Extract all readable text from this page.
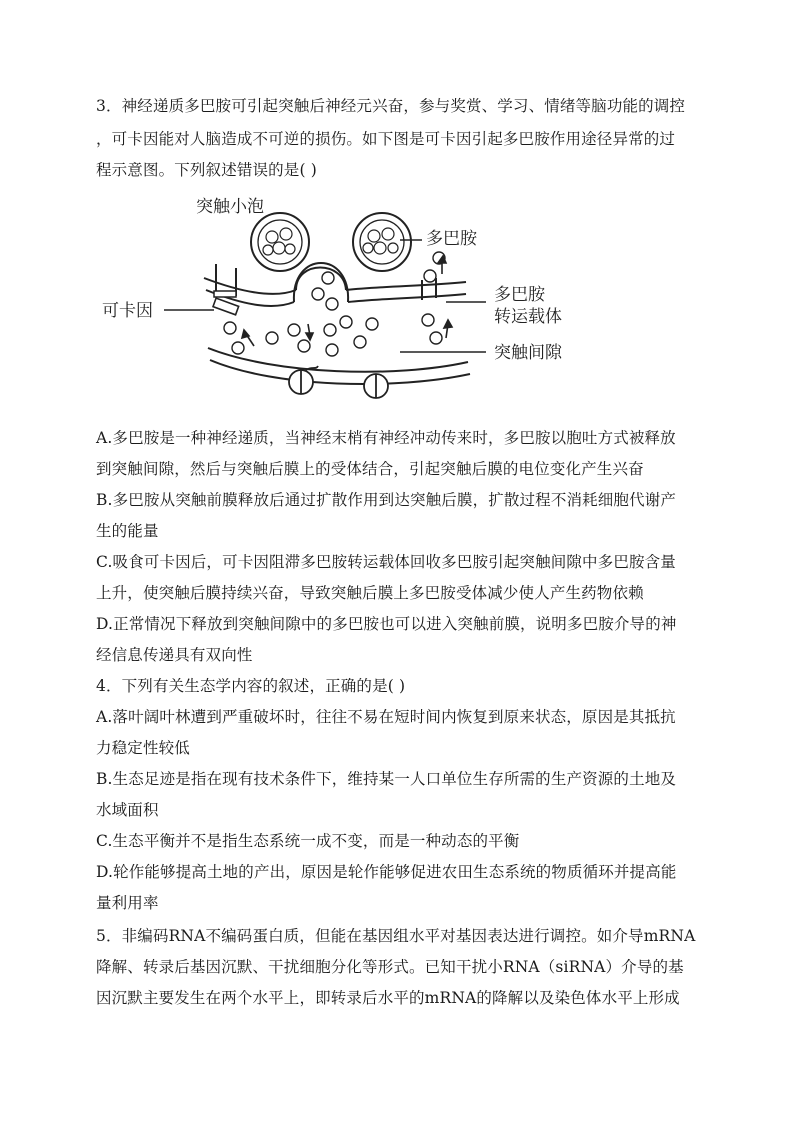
3．神经递质多巴胺可引起突触后神经元兴奋，参与奖赏、学习、情绪等脑功能的调控
，可卡因能对人脑造成不可逆的损伤。如下图是可卡因引起多巴胺作用途径异常的过
程示意图。下列叙述错误的是( )
突触小泡
多巴胺
可卡因
多巴胺
转运载体
突触间隙
A.多巴胺是一种神经递质，当神经末梢有神经冲动传来时，多巴胺以胞吐方式被释放
到突触间隙，然后与突触后膜上的受体结合，引起突触后膜的电位变化产生兴奋
B.多巴胺从突触前膜释放后通过扩散作用到达突触后膜，扩散过程不消耗细胞代谢产
生的能量
C.吸食可卡因后，可卡因阻滞多巴胺转运载体回收多巴胺引起突触间隙中多巴胺含量
上升，使突触后膜持续兴奋，导致突触后膜上多巴胺受体减少使人产生药物依赖
D.正常情况下释放到突触间隙中的多巴胺也可以进入突触前膜，说明多巴胺介导的神
经信息传递具有双向性
4．下列有关生态学内容的叙述，正确的是( )
A.落叶阔叶林遭到严重破坏时，往往不易在短时间内恢复到原来状态，原因是其抵抗
力稳定性较低
B.生态足迹是指在现有技术条件下，维持某一人口单位生存所需的生产资源的土地及
水域面积
C.生态平衡并不是指生态系统一成不变，而是一种动态的平衡
D.轮作能够提高土地的产出，原因是轮作能够促进农田生态系统的物质循环并提高能
量利用率
5．非编码RNA不编码蛋白质，但能在基因组水平对基因表达进行调控。如介导mRNA
降解、转录后基因沉默、干扰细胞分化等形式。已知干扰小RNA（siRNA）介导的基
因沉默主要发生在两个水平上，即转录后水平的mRNA的降解以及染色体水平上形成
